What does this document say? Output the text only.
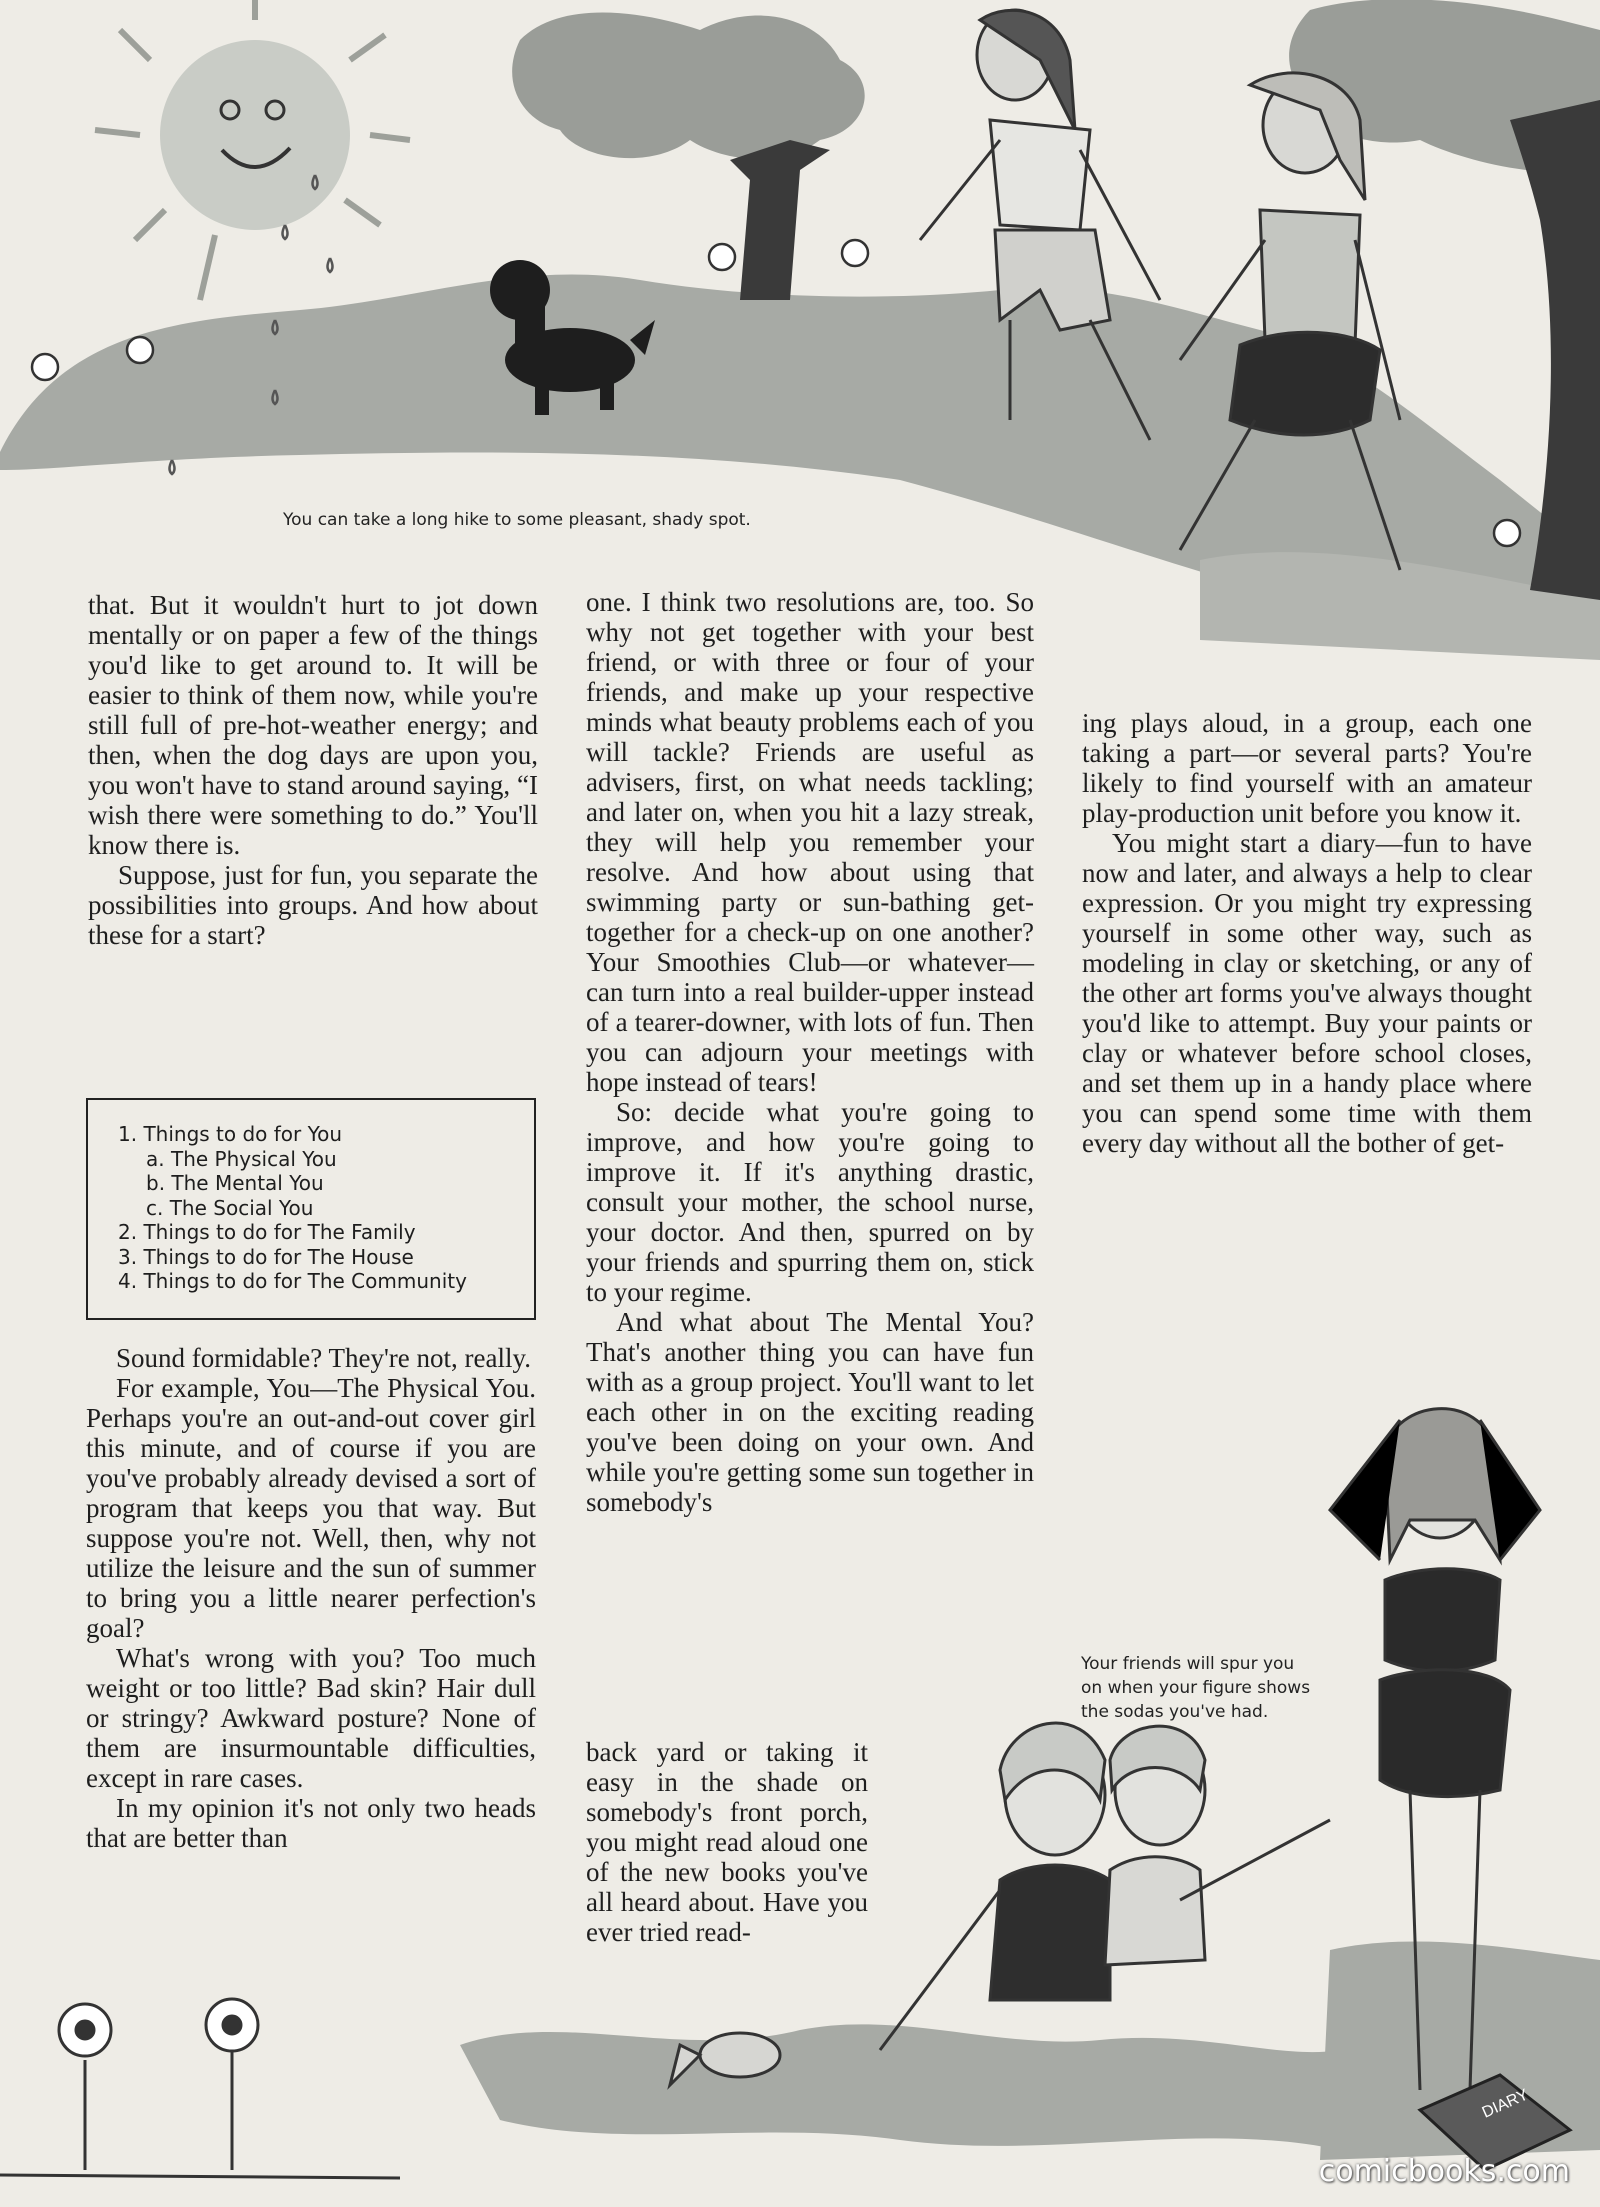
DIARY
You can take a long hike to some pleasant, shady spot.
Your friends will spur you
on when your figure shows
the sodas you've had.

that. But it wouldn't hurt to jot down mentally or on paper a few of the things you'd like to get around to. It will be easier to think of them now, while you're still full of pre-hot-weather energy; and then, when the dog days are upon you, you won't have to stand around saying, “I wish there were something to do.” You'll know there is.

Suppose, just for fun, you separate the possibilities into groups. And how about these for a start?

1. Things to do for You
a. The Physical You
b. The Mental You
c. The Social You
2. Things to do for The Family
3. Things to do for The House
4. Things to do for The Community

Sound formidable? They're not, really.

For example, You—The Physical You. Perhaps you're an out-and-out cover girl this minute, and of course if you are you've probably already devised a sort of program that keeps you that way. But suppose you're not. Well, then, why not utilize the leisure and the sun of summer to bring you a little nearer perfection's goal?

What's wrong with you? Too much weight or too little? Bad skin? Hair dull or stringy? Awkward posture? None of them are insurmountable difficulties, except in rare cases.

In my opinion it's not only two heads that are better than

one. I think two resolutions are, too. So why not get together with your best friend, or with three or four of your friends, and make up your respective minds what beauty problems each of you will tackle? Friends are useful as advisers, first, on what needs tackling; and later on, when you hit a lazy streak, they will help you remember your resolve. And how about using that swimming party or sun-bathing get-together for a check-up on one another? Your Smoothies Club—or whatever—can turn into a real builder-upper instead of a tearer-downer, with lots of fun. Then you can adjourn your meetings with hope instead of tears!

So: decide what you're going to improve, and how you're going to improve it. If it's anything drastic, consult your mother, the school nurse, your doctor. And then, spurred on by your friends and spurring them on, stick to your regime.

And what about The Mental You? That's another thing you can have fun with as a group project. You'll want to let each other in on the exciting reading you've been doing on your own. And while you're getting some sun together in somebody's

back yard or taking it easy in the shade on somebody's front porch, you might read aloud one of the new books you've all heard about. Have you ever tried read-

ing plays aloud, in a group, each one taking a part—or several parts? You're likely to find yourself with an amateur play-production unit before you know it.

You might start a diary—fun to have now and later, and always a help to clear expression. Or you might try expressing yourself in some other way, such as modeling in clay or sketching, or any of the other art forms you've always thought you'd like to attempt. Buy your paints or clay or whatever before school closes, and set them up in a handy place where you can spend some time with them every day without all the bother of get-

comicbooks.com
